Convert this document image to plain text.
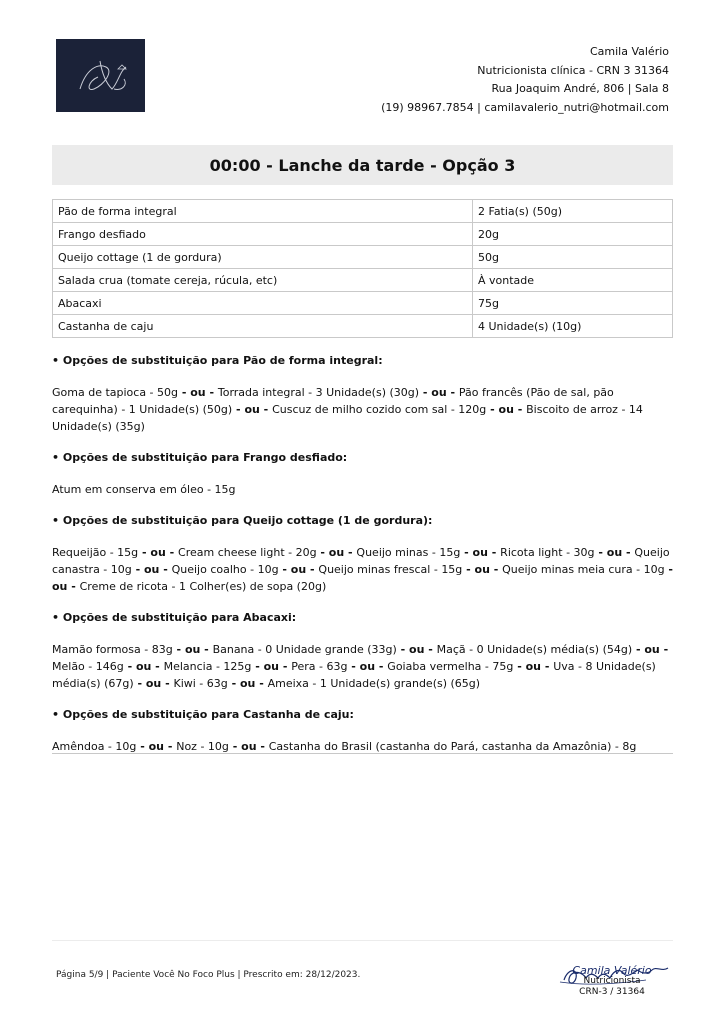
Camila Valério
Nutricionista clínica - CRN 3 31364
Rua Joaquim André, 806 | Sala 8
(19) 98967.7854 | camilavalerio_nutri@hotmail.com
00:00 - Lanche da tarde - Opção 3
Pão de forma integral	2 Fatia(s) (50g)
Frango desfiado	20g
Queijo cottage (1 de gordura)	50g
Salada crua (tomate cereja, rúcula, etc)	À vontade
Abacaxi	75g
Castanha de caju	4 Unidade(s) (10g)

• Opções de substituição para Pão de forma integral:

Goma de tapioca - 50g - ou - Torrada integral - 3 Unidade(s) (30g) - ou - Pão francês (Pão de sal, pão carequinha) - 1 Unidade(s) (50g) - ou - Cuscuz de milho cozido com sal - 120g - ou - Biscoito de arroz - 14 Unidade(s) (35g)

• Opções de substituição para Frango desfiado:

Atum em conserva em óleo - 15g

• Opções de substituição para Queijo cottage (1 de gordura):

Requeijão - 15g - ou - Cream cheese light - 20g - ou - Queijo minas - 15g - ou - Ricota light - 30g - ou - Queijo canastra - 10g - ou - Queijo coalho - 10g - ou - Queijo minas frescal - 15g - ou - Queijo minas meia cura - 10g - ou - Creme de ricota - 1 Colher(es) de sopa (20g)

• Opções de substituição para Abacaxi:

Mamão formosa - 83g - ou - Banana - 0 Unidade grande (33g) - ou - Maçã - 0 Unidade(s) média(s) (54g) - ou - Melão - 146g - ou - Melancia - 125g - ou - Pera - 63g - ou - Goiaba vermelha - 75g - ou - Uva - 8 Unidade(s) média(s) (67g) - ou - Kiwi - 63g - ou - Ameixa - 1 Unidade(s) grande(s) (65g)

• Opções de substituição para Castanha de caju:

Amêndoa - 10g - ou - Noz - 10g - ou - Castanha do Brasil (castanha do Pará, castanha da Amazônia) - 8g

Página 5/9 | Paciente Você No Foco Plus | Prescrito em: 28/12/2023.	Camila Valério
Nutricionista
CRN-3 / 31364
